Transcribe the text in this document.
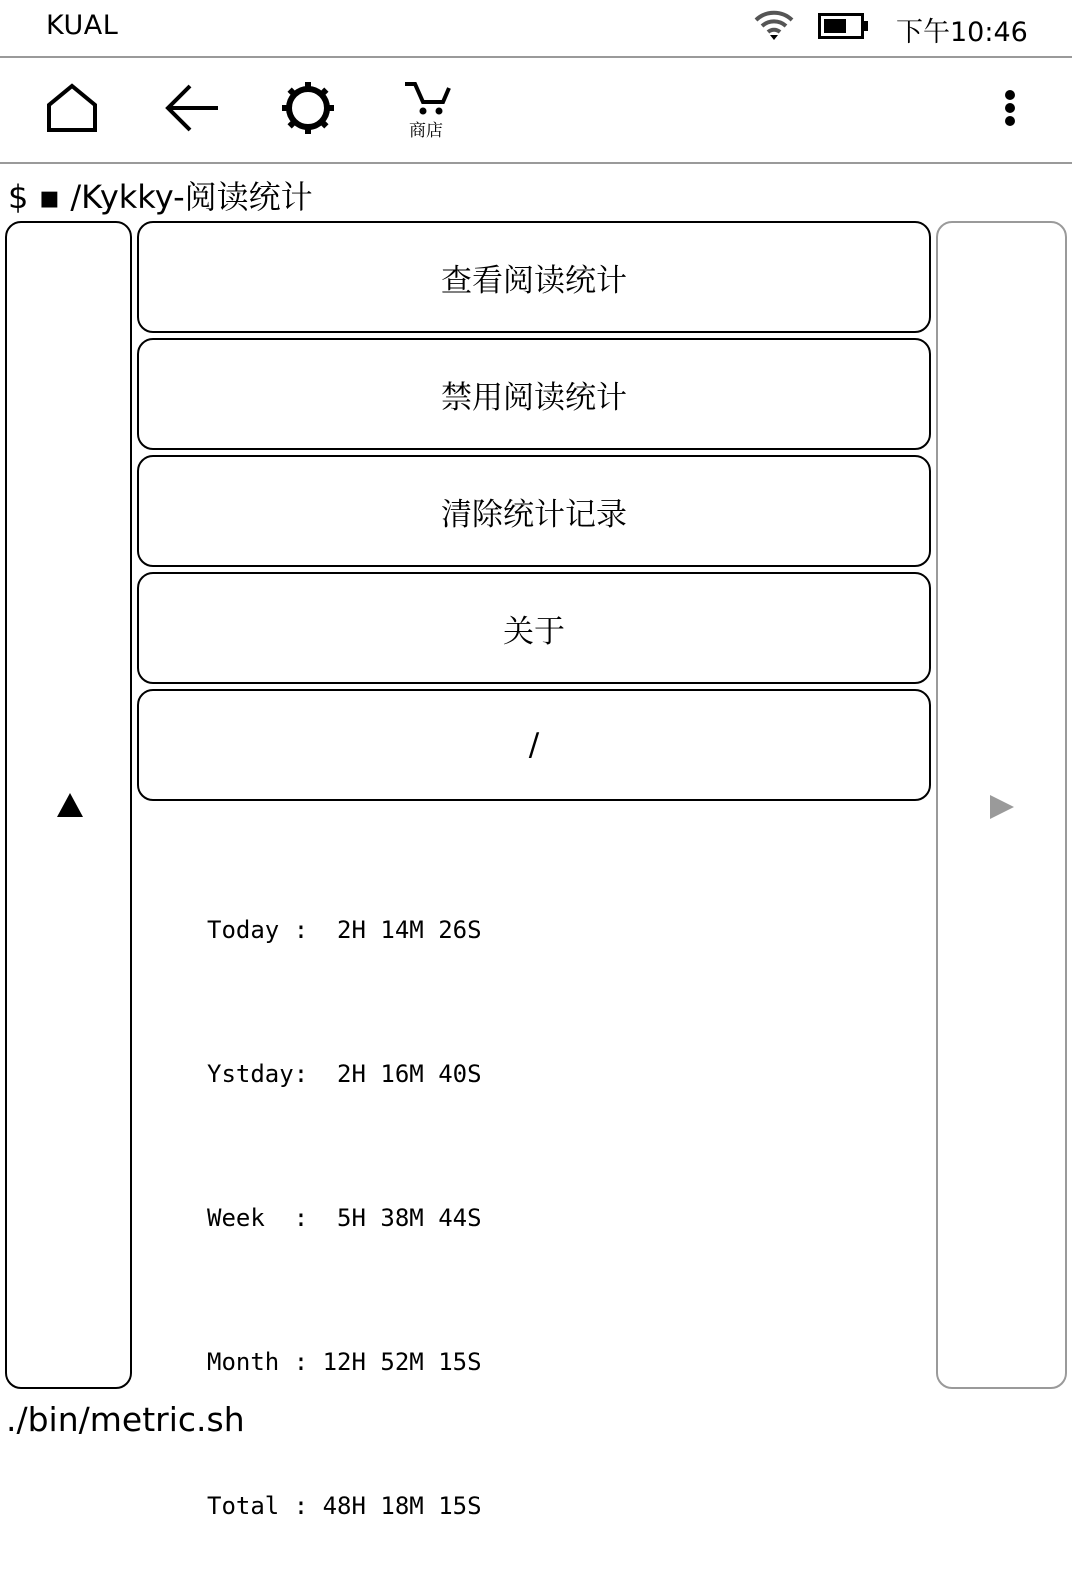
KUAL	下午10:46
商店
$ ▪ /Kykky-阅读统计
查看阅读统计
禁用阅读统计
清除统计记录
关于
/

Today :  2H 14M 26S

Ystday:  2H 16M 40S

Week  :  5H 38M 44S

Month : 12H 52M 15S

Total : 48H 18M 15S

./bin/metric.sh
